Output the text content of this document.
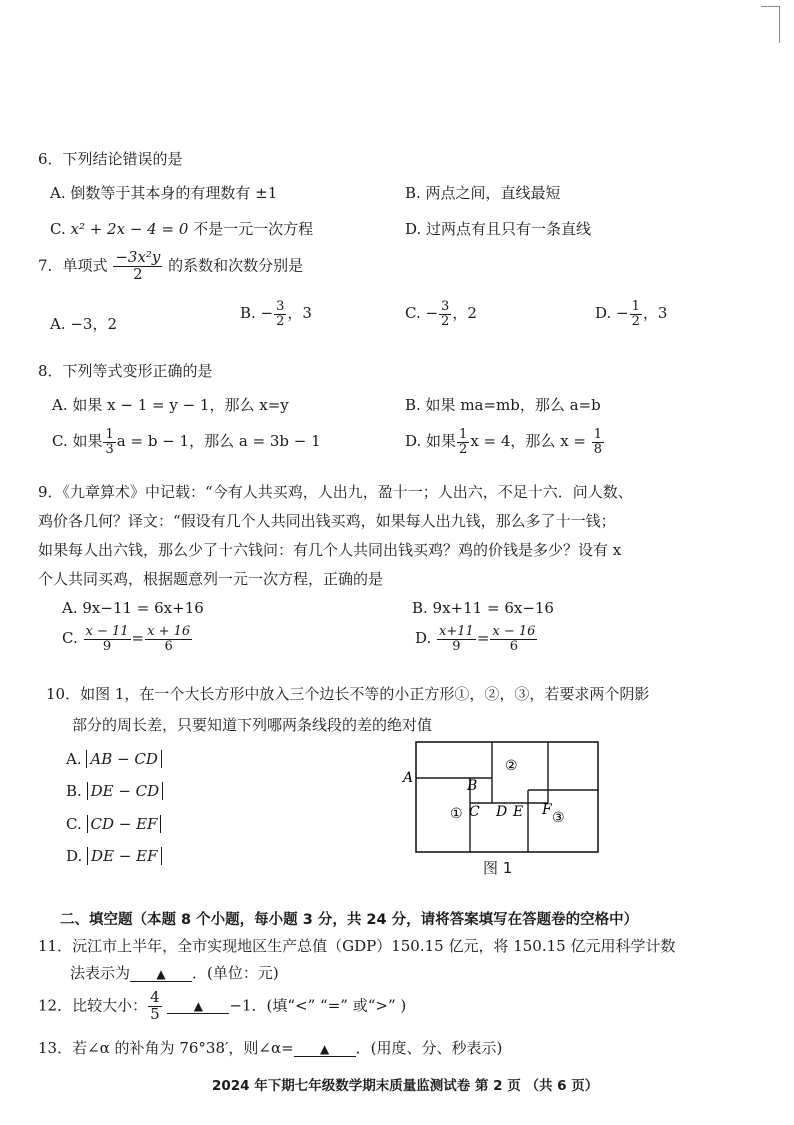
6．下列结论错误的是
A. 倒数等于其本身的有理数有 ±1	B. 两点之间，直线最短
C. x² + 2x − 4 = 0 不是一元一次方程	D. 过两点有且只有一条直线
7．单项式 $\frac{\text{−3x²y}}{2}$ 的系数和次数分别是
A. −3，2
B. − $\frac{3}{2}$ ，3	C. − $\frac{3}{2}$ ，2	D. − $\frac{1}{2}$ ，3
8．下列等式变形正确的是
A. 如果 x − 1 = y − 1，那么 x=y	B. 如果 ma=mb，那么 a=b
C. 如果 $\frac{1}{3}$ a = b − 1，那么 a = 3b − 1	D. 如果 $\frac{1}{2}$ x = 4，那么 $x = \frac{1}{8}$
9．《九章算术》中记载：“今有人共买鸡，人出九，盈十一；人出六，不足十六．问人数、
鸡价各几何？译文：“假设有几个人共同出钱买鸡，如果每人出九钱，那么多了十一钱；
如果每人出六钱，那么少了十六钱问：有几个人共同出钱买鸡？鸡的价钱是多少？设有 x
个人共同买鸡，根据题意列一元一次方程，正确的是
A. 9x−11 = 6x+16	B. 9x+11 = 6x−16
C. $\frac{x - 11}{9} = \frac{x + 16}{6}$	D. $\frac{x+11}{9} = \frac{x - 16}{6}$
10．如图 1，在一个大长方形中放入三个边长不等的小正方形①，②，③，若要求两个阴影
部分的周长差，只要知道下列哪两条线段的差的绝对值
A. AB − CD
B. DE − CD
C. CD − EF
D. DE − EF
A	B
C D E F
①
②
③
图 1
二、填空题（本题 8 个小题，每小题 3 分，共 24 分，请将答案填写在答题卷的空格中）
11．沅江市上半年，全市实现地区生产总值（GDP）150.15 亿元，将 150.15 亿元用科学计数
法表示为 ▲ ．(单位：元)
12．比较大小： $\frac{4}{5}$	▲ −1．(填“<” “=” 或“>” )
13．若∠α 的补角为 76°38′，则∠α= ▲ ．(用度、分、秒表示)
2024 年下期七年级数学期末质量监测试卷 第 2 页 （共 6 页）
